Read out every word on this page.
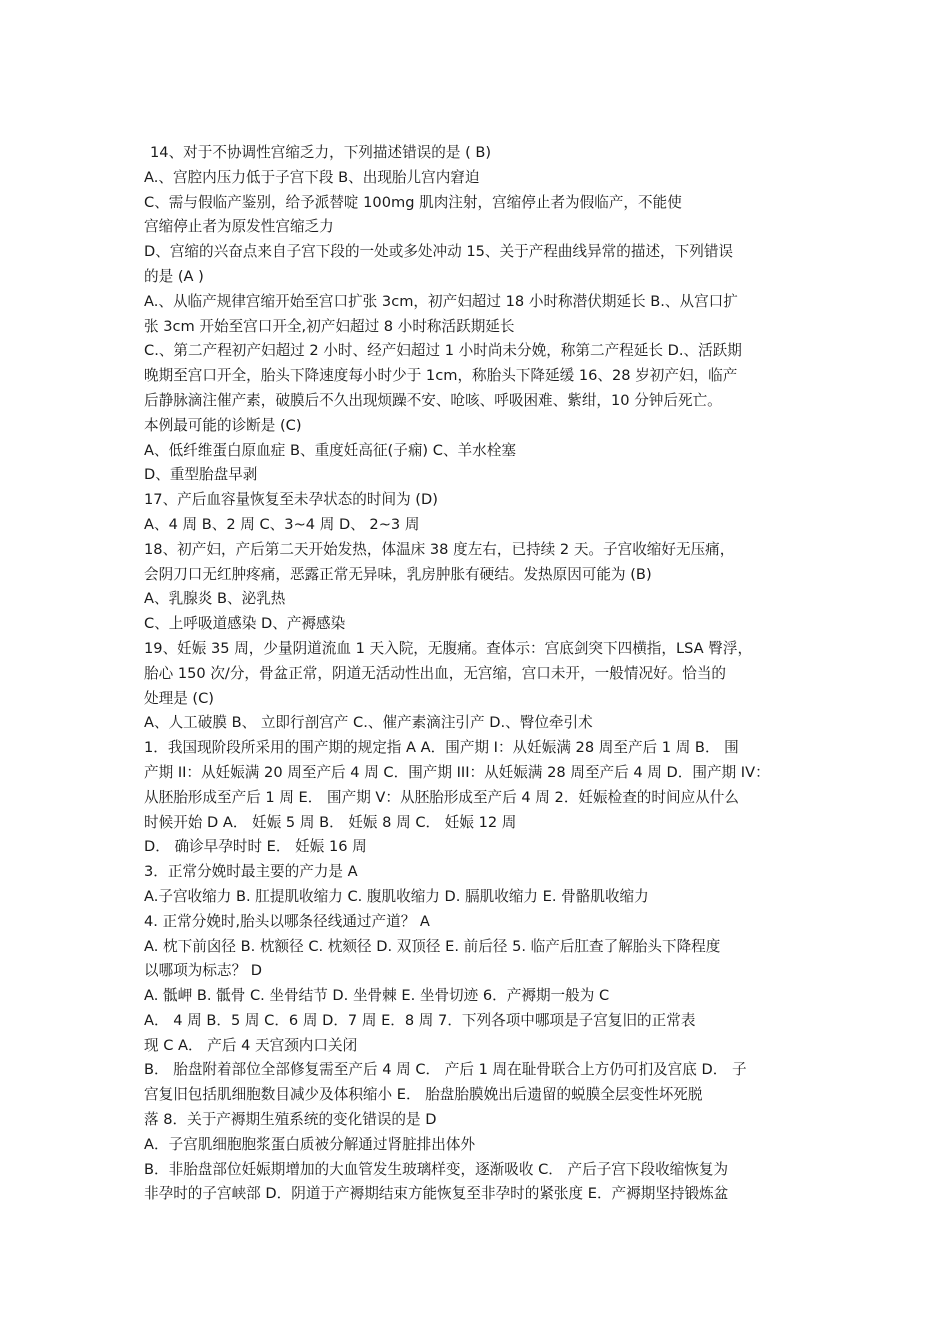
14、对于不协调性宫缩乏力，下列描述错误的是 ( B)
A.、宫腔内压力低于子宫下段 B、出现胎儿宫内窘迫
C、需与假临产鉴别，给予派替啶 100mg 肌肉注射，宫缩停止者为假临产，不能使
宫缩停止者为原发性宫缩乏力
D、宫缩的兴奋点来自子宫下段的一处或多处冲动 15、关于产程曲线异常的描述，下列错误
的是 (A )
A.、从临产规律宫缩开始至宫口扩张 3cm，初产妇超过 18 小时称潜伏期延长 B.、从宫口扩
张 3cm 开始至宫口开全,初产妇超过 8 小时称活跃期延长
C.、第二产程初产妇超过 2 小时、经产妇超过 1 小时尚未分娩，称第二产程延长 D.、活跃期
晚期至宫口开全，胎头下降速度每小时少于 1cm，称胎头下降延缓 16、28 岁初产妇，临产
后静脉滴注催产素，破膜后不久出现烦躁不安、呛咳、呼吸困难、紫绀，10 分钟后死亡。
本例最可能的诊断是 (C)
A、低纤维蛋白原血症 B、重度妊高征(子痫) C、羊水栓塞
D、重型胎盘早剥
17、产后血容量恢复至未孕状态的时间为 (D)
A、4 周 B、2 周 C、3~4 周 D、 2~3 周
18、初产妇，产后第二天开始发热，体温床 38 度左右，已持续 2 天。子宫收缩好无压痛，
会阴刀口无红肿疼痛，恶露正常无异味，乳房肿胀有硬结。发热原因可能为 (B)
A、乳腺炎 B、泌乳热
C、上呼吸道感染 D、产褥感染
19、妊娠 35 周，少量阴道流血 1 天入院，无腹痛。查体示：宫底剑突下四横指，LSA 臀浮，
胎心 150 次/分，骨盆正常，阴道无活动性出血，无宫缩，宫口未开，一般情况好。恰当的
处理是 (C)
A、人工破膜 B、 立即行剖宫产 C.、催产素滴注引产 D.、臀位牵引术
1．我国现阶段所采用的围产期的规定指 A A．围产期 I：从妊娠满 28 周至产后 1 周 B． 围
产期 II：从妊娠满 20 周至产后 4 周 C．围产期 III：从妊娠满 28 周至产后 4 周 D．围产期 IV：
从胚胎形成至产后 1 周 E． 围产期 V：从胚胎形成至产后 4 周 2．妊娠检查的时间应从什么
时候开始 D A． 妊娠 5 周 B． 妊娠 8 周 C． 妊娠 12 周
D． 确诊早孕时时 E． 妊娠 16 周
3．正常分娩时最主要的产力是 A
A.子宫收缩力 B. 肛提肌收缩力 C. 腹肌收缩力 D. 膈肌收缩力 E. 骨骼肌收缩力
4. 正常分娩时,胎头以哪条径线通过产道？ A
A. 枕下前囟径 B. 枕额径 C. 枕颏径 D. 双顶径 E. 前后径 5. 临产后肛查了解胎头下降程度
以哪项为标志？ D
A. 骶岬 B. 骶骨 C. 坐骨结节 D. 坐骨棘 E. 坐骨切迹 6．产褥期一般为 C
A． 4 周 B．5 周 C．6 周 D．7 周 E．8 周 7．下列各项中哪项是子宫复旧的正常表
现 C A． 产后 4 天宫颈内口关闭
B． 胎盘附着部位全部修复需至产后 4 周 C． 产后 1 周在耻骨联合上方仍可扪及宫底 D． 子
宫复旧包括肌细胞数目减少及体积缩小 E． 胎盘胎膜娩出后遗留的蜕膜全层变性坏死脱
落 8．关于产褥期生殖系统的变化错误的是 D
A．子宫肌细胞胞浆蛋白质被分解通过肾脏排出体外
B．非胎盘部位妊娠期增加的大血管发生玻璃样变，逐渐吸收 C． 产后子宫下段收缩恢复为
非孕时的子宫峡部 D．阴道于产褥期结束方能恢复至非孕时的紧张度 E．产褥期坚持锻炼盆
